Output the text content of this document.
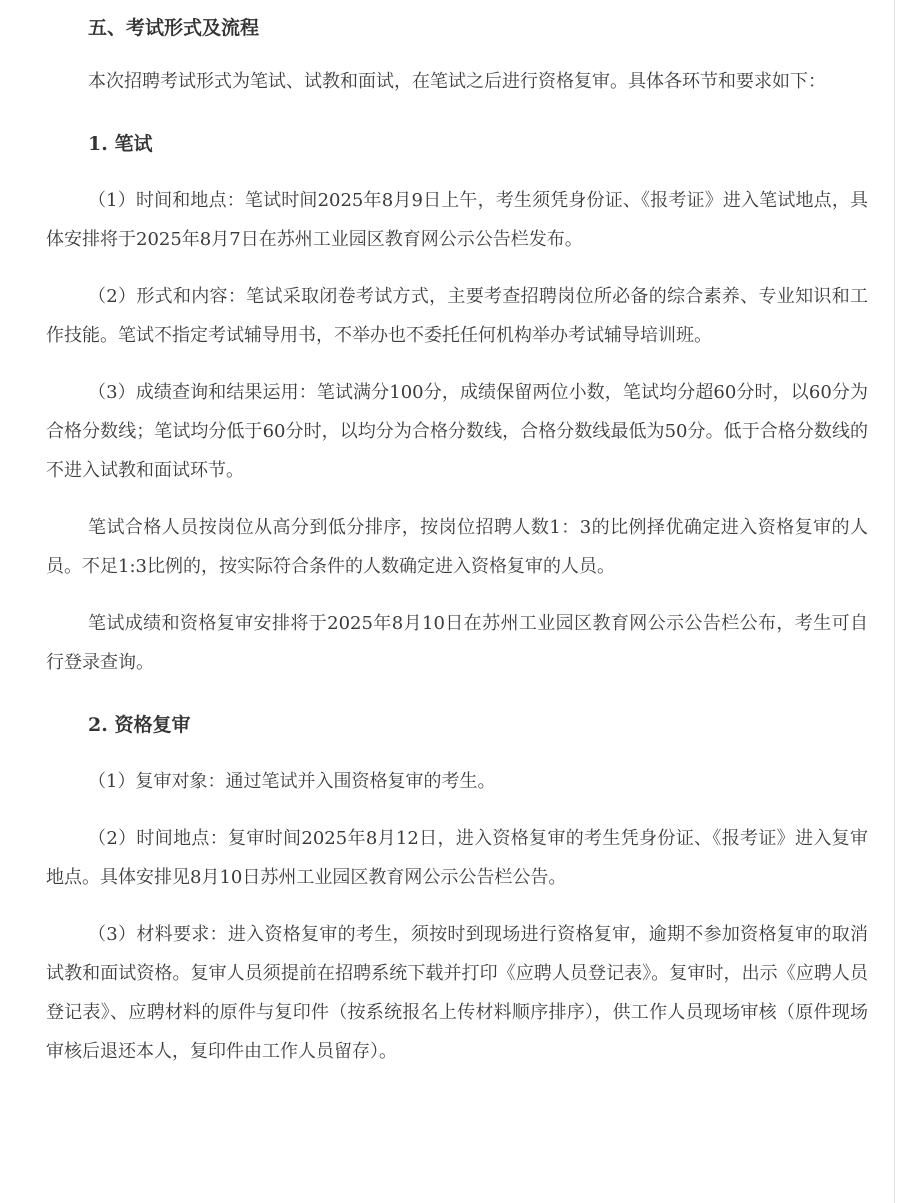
五、考试形式及流程

本次招聘考试形式为笔试、试教和面试，在笔试之后进行资格复审。具体各环节和要求如下：

1. 笔试

（1）时间和地点：笔试时间2025年8月9日上午，考生须凭身份证、《报考证》进入笔试地点，具体安排将于2025年8月7日在苏州工业园区教育网公示公告栏发布。

（2）形式和内容：笔试采取闭卷考试方式，主要考查招聘岗位所必备的综合素养、专业知识和工作技能。笔试不指定考试辅导用书，不举办也不委托任何机构举办考试辅导培训班。

（3）成绩查询和结果运用：笔试满分100分，成绩保留两位小数，笔试均分超60分时，以60分为合格分数线；笔试均分低于60分时，以均分为合格分数线，合格分数线最低为50分。低于合格分数线的不进入试教和面试环节。

笔试合格人员按岗位从高分到低分排序，按岗位招聘人数1：3的比例择优确定进入资格复审的人员。不足1:3比例的，按实际符合条件的人数确定进入资格复审的人员。

笔试成绩和资格复审安排将于2025年8月10日在苏州工业园区教育网公示公告栏公布，考生可自行登录查询。

2. 资格复审

（1）复审对象：通过笔试并入围资格复审的考生。

（2）时间地点：复审时间2025年8月12日，进入资格复审的考生凭身份证、《报考证》进入复审地点。具体安排见8月10日苏州工业园区教育网公示公告栏公告。

（3）材料要求：进入资格复审的考生，须按时到现场进行资格复审，逾期不参加资格复审的取消试教和面试资格。复审人员须提前在招聘系统下载并打印《应聘人员登记表》。复审时，出示《应聘人员登记表》、应聘材料的原件与复印件（按系统报名上传材料顺序排序），供工作人员现场审核（原件现场审核后退还本人，复印件由工作人员留存）。
